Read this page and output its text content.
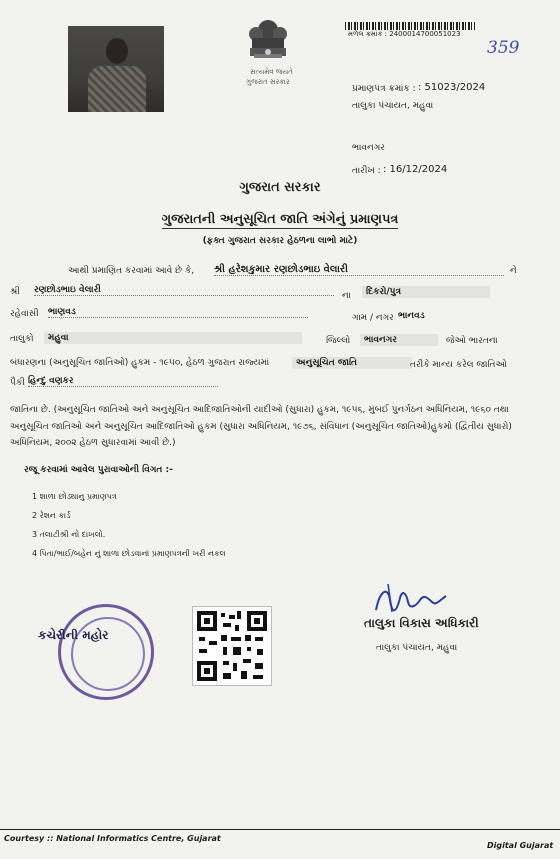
સત્યમેવ જયતે
ગુજરાત સરકાર
મળેલ ક્રમાંક : 2400014700051023
359
પ્રમાણપત્ર ક્રમાંક : : 51023/2024
તાલુકા પંચાયત, મહુવા
ભાવનગર
તારીખ : : 16/12/2024
ગુજરાત સરકાર
ગુજરાતની અનુસૂચિત જાતિ અંગેનું પ્રમાણપત્ર
(ફક્ત ગુજરાત સરકાર હેઠળના લાભો માટે)
આથી પ્રમાણિત કરવામાં આવે છે કે, શ્રી હરેશકુમાર રણછોડભાઇ વેલારી	ને
શ્રી રણછોડભાઇ વેલારી
ના	દિકરો/પુત્ર
રહેવાસી ભાણવડ
ગામ / નગર ભાનવડ
તાલુકો	મહુવા	જિલ્લો	ભાવનગર	જેઓ ભારતના
બંધારણના (અનુસૂચિત જાતિઓ) હુકમ - ૧૯૫૦, હેઠળ ગુજરાત રાજ્યમાં	અનુસૂચિત જાતિ	તરીકે માન્ય કરેલ જાતિઓ
પૈકી હિન્દુ વણકર
જાતિના છે. (અનુસૂચિત જાતિઓ અને અનુસૂચિત આદિજાતિઓની યાદીઓ (સુધારા) હુકમ, ૧૯૫૬, મુંબઈ પુનર્ગઠન અધિનિયમ, ૧૯૬૦ તથા અનુસૂચિત જાતિઓ અને અનુસૂચિત આદિજાતિઓ હુકમ (સુધારા અધિનિયમ, ૧૯૭૬, સંવિધાન (અનુસૂચિત જાતિઓ)હુકમો (દ્વિતીય સુધારો) અધિનિયમ, ૨૦૦૨ હેઠળ સુધારવામાં આવી છે.)
રજૂ કરવામાં આવેલ પુરાવાઓની વિગત :-
1 શાળા છોડ્યાનુ પ્રમાણપત્ર
2 રેશન કાર્ડ
3 તલાટીશ્રી નો દાખલો.
4 પિતા/ભાઈ/બહેન નું શાળા છોડવાનાં પ્રમાણપત્રની ખરી નકલ
કચેરીની મહોર
તાલુકા વિકાસ અધિકારી
તાલુકા પંચાયત, મહુવા
Courtesy :: National Informatics Centre, Gujarat
Digital Gujarat
